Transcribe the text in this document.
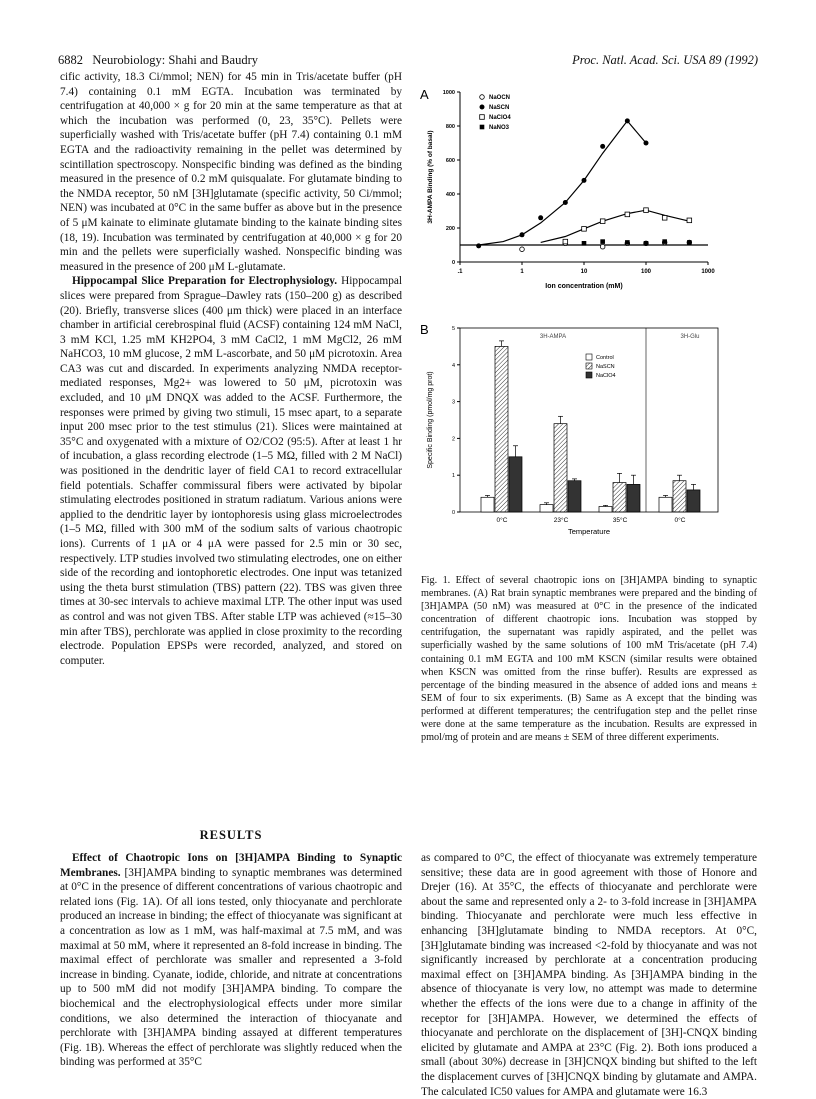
6882 Neurobiology: Shahi and Baudry	Proc. Natl. Acad. Sci. USA 89 (1992)

cific activity, 18.3 Ci/mmol; NEN) for 45 min in Tris/acetate buffer (pH 7.4) containing 0.1 mM EGTA. Incubation was terminated by centrifugation at 40,000 × g for 20 min at the same temperature as that at which the incubation was performed (0, 23, 35°C). Pellets were superficially washed with Tris/acetate buffer (pH 7.4) containing 0.1 mM EGTA and the radioactivity remaining in the pellet was determined by scintillation spectroscopy. Nonspecific binding was defined as the binding measured in the presence of 0.2 mM quisqualate. For glutamate binding to the NMDA receptor, 50 nM [3H]glutamate (specific activity, 50 Ci/mmol; NEN) was incubated at 0°C in the same buffer as above but in the presence of 5 μM kainate to eliminate glutamate binding to the kainate binding sites (18, 19). Incubation was terminated by centrifugation at 40,000 × g for 20 min and the pellets were superficially washed. Nonspecific binding was measured in the presence of 200 μM L-glutamate.

Hippocampal Slice Preparation for Electrophysiology. Hippocampal slices were prepared from Sprague–Dawley rats (150–200 g) as described (20). Briefly, transverse slices (400 μm thick) were placed in an interface chamber in artificial cerebrospinal fluid (ACSF) containing 124 mM NaCl, 3 mM KCl, 1.25 mM KH2PO4, 3 mM CaCl2, 1 mM MgCl2, 26 mM NaHCO3, 10 mM glucose, 2 mM L-ascorbate, and 50 μM picrotoxin. Area CA3 was cut and discarded. In experiments analyzing NMDA receptor-mediated responses, Mg2+ was lowered to 50 μM, picrotoxin was excluded, and 10 μM DNQX was added to the ACSF. Furthermore, the responses were primed by giving two stimuli, 15 msec apart, to a separate input 200 msec prior to the test stimulus (21). Slices were maintained at 35°C and oxygenated with a mixture of O2/CO2 (95:5). After at least 1 hr of incubation, a glass recording electrode (1–5 MΩ, filled with 2 M NaCl) was positioned in the dendritic layer of field CA1 to record extracellular field potentials. Schaffer commissural fibers were activated by bipolar stimulating electrodes positioned in stratum radiatum. Various anions were applied to the dendritic layer by iontophoresis using glass microelectrodes (1–5 MΩ, filled with 300 mM of the sodium salts of various chaotropic ions). Currents of 1 μA or 4 μA were passed for 2.5 min or 30 sec, respectively. LTP studies involved two stimulating electrodes, one on either side of the recording and iontophoretic electrodes. One input was tetanized using the theta burst stimulation (TBS) pattern (22). TBS was given three times at 30-sec intervals to achieve maximal LTP. The other input was used as control and was not given TBS. After stable LTP was achieved (≈15–30 min after TBS), perchlorate was applied in close proximity to the recording electrode. Population EPSPs were recorded, analyzed, and stored on computer.

RESULTS

Effect of Chaotropic Ions on [3H]AMPA Binding to Synaptic Membranes. [3H]AMPA binding to synaptic membranes was determined at 0°C in the presence of different concentrations of various chaotropic and related ions (Fig. 1A). Of all ions tested, only thiocyanate and perchlorate produced an increase in binding; the effect of thiocyanate was significant at a concentration as low as 1 mM, was half-maximal at 7.5 mM, and was maximal at 50 mM, where it represented an 8-fold increase in binding. The maximal effect of perchlorate was smaller and represented a 3-fold increase in binding. Cyanate, iodide, chloride, and nitrate at concentrations up to 500 mM did not modify [3H]AMPA binding. To compare the biochemical and the electrophysiological effects under more similar conditions, we also determined the interaction of thiocyanate and perchlorate with [3H]AMPA binding assayed at different temperatures (Fig. 1B). Whereas the effect of perchlorate was slightly reduced when the binding was performed at 35°C

as compared to 0°C, the effect of thiocyanate was extremely temperature sensitive; these data are in good agreement with those of Honore and Drejer (16). At 35°C, the effects of thiocyanate and perchlorate were about the same and represented only a 2- to 3-fold increase in [3H]AMPA binding. Thiocyanate and perchlorate were much less effective in enhancing [3H]glutamate binding to NMDA receptors. At 0°C, [3H]glutamate binding was increased <2-fold by thiocyanate and was not significantly increased by perchlorate at a concentration producing maximal effect on [3H]AMPA binding. As [3H]AMPA binding in the absence of thiocyanate is very low, no attempt was made to determine whether the effects of the ions were due to a change in affinity of the receptor for [3H]AMPA. However, we determined the effects of thiocyanate and perchlorate on the displacement of [3H]-CNQX binding elicited by glutamate and AMPA at 23°C (Fig. 2). Both ions produced a small (about 30%) decrease in [3H]CNQX binding but shifted to the left the displacement curves of [3H]CNQX binding by glutamate and AMPA. The calculated IC50 values for AMPA and glutamate were 16.3

A
0
200
400
600
800
1000
.1	1	10	100	1000
Ion concentration (mM)
3H-AMPA Binding (% of basal)
NaOCN
NaSCN
NaClO4
NaNO3
B
0
1
2
3
4
5
Specific Binding (pmol/mg prot)
Temperature
3H-AMPA	3H-Glu
0°C	23°C	35°C	0°C
Control
NaSCN
NaClO4
Fig. 1. Effect of several chaotropic ions on [3H]AMPA binding to synaptic membranes. (A) Rat brain synaptic membranes were prepared and the binding of [3H]AMPA (50 nM) was measured at 0°C in the presence of the indicated concentration of different chaotropic ions. Incubation was stopped by centrifugation, the supernatant was rapidly aspirated, and the pellet was superficially washed by the same solutions of 100 mM Tris/acetate (pH 7.4) containing 0.1 mM EGTA and 100 mM KSCN (similar results were obtained when KSCN was omitted from the rinse buffer). Results are expressed as percentage of the binding measured in the absence of added ions and means ± SEM of four to six experiments. (B) Same as A except that the binding was performed at different temperatures; the centrifugation step and the pellet rinse were done at the same temperature as the incubation. Results are expressed in pmol/mg of protein and are means ± SEM of three different experiments.
